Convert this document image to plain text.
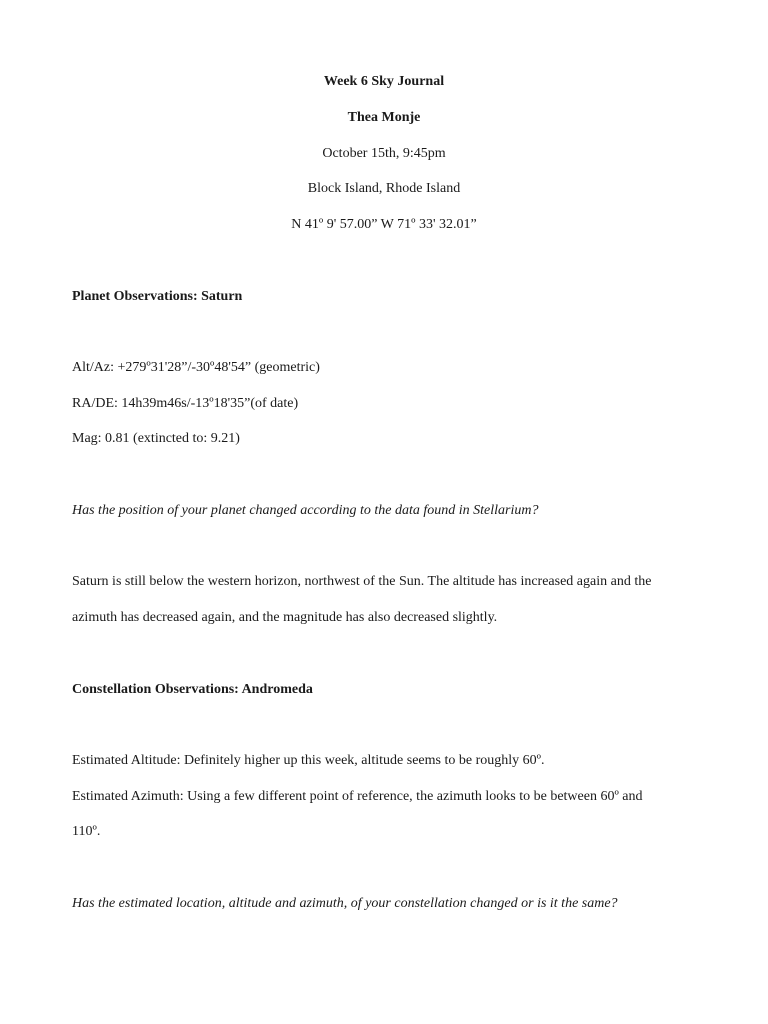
Week 6 Sky Journal
Thea Monje
October 15th, 9:45pm
Block Island, Rhode Island
N 41º 9' 57.00” W 71º 33' 32.01”
Planet Observations: Saturn
Alt/Az: +279º31'28”/-30º48'54” (geometric)
RA/DE: 14h39m46s/-13º18'35”(of date)
Mag: 0.81 (extincted to: 9.21)
Has the position of your planet changed according to the data found in Stellarium?
Saturn is still below the western horizon, northwest of the Sun. The altitude has increased again and the
azimuth has decreased again, and the magnitude has also decreased slightly.
Constellation Observations: Andromeda
Estimated Altitude: Definitely higher up this week, altitude seems to be roughly 60º.
Estimated Azimuth: Using a few different point of reference, the azimuth looks to be between 60º and
110º.
Has the estimated location, altitude and azimuth, of your constellation changed or is it the same?
